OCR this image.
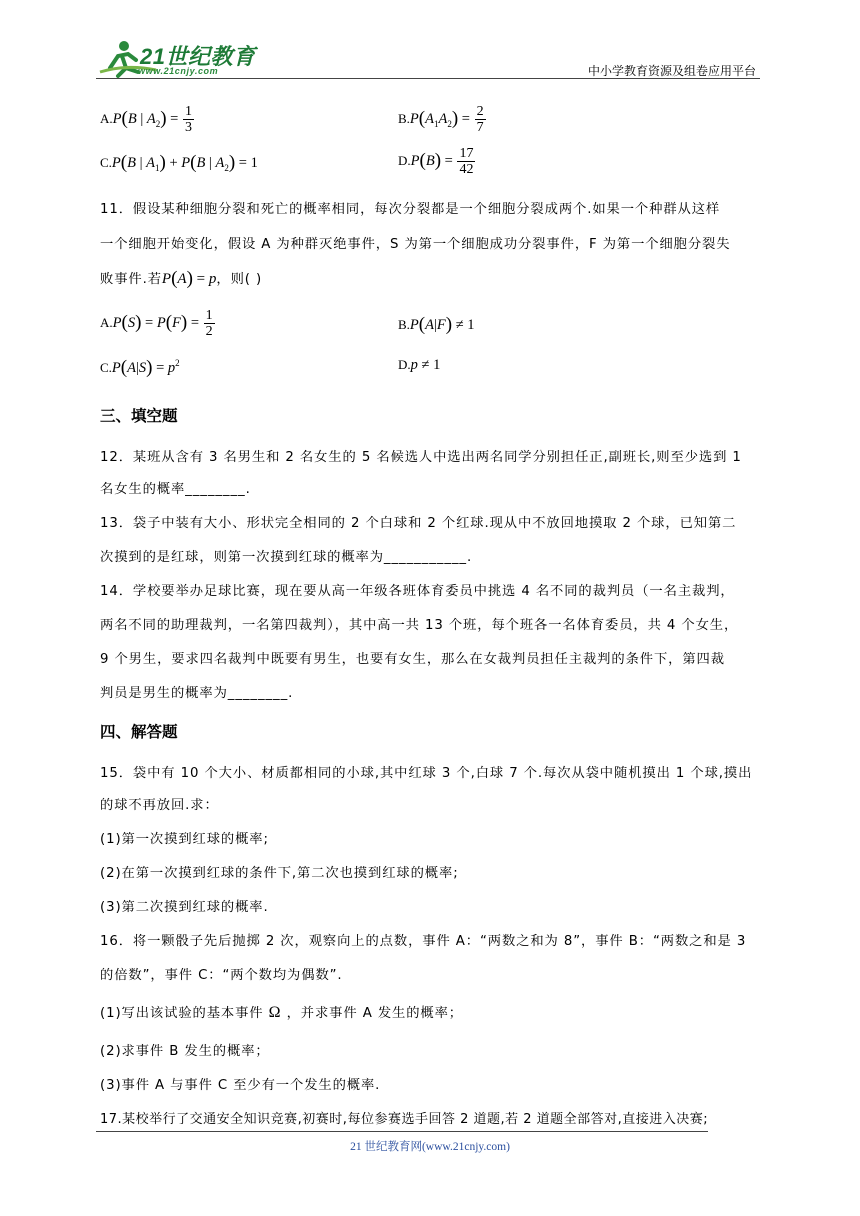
21世纪教育
www.21cnjy.com	中小学教育资源及组卷应用平台
A.P(B | $A_2) = \frac{1}{3}$	$B.P(A_1A_2) = \frac{2}{7}$
C.P(B | $A_1) + P(B$ | $A_2) = 1$	$D.P(B) = \frac{17}{42}$
11．假设某种细胞分裂和死亡的概率相同，每次分裂都是一个细胞分裂成两个.如果一个种群从这样
一个细胞开始变化，假设 A 为种群灭绝事件，S 为第一个细胞成功分裂事件，F 为第一个细胞分裂失
败事件.若P(A) = p，则( )
$A.P(S) = P(F) = \frac{1}{2}$	B.P(A|F) ≠ 1
$C.P(A|S) = p^2$	D.p ≠ 1
三、填空题
12．某班从含有 3 名男生和 2 名女生的 5 名候选人中选出两名同学分别担任正,副班长,则至少选到 1
名女生的概率________.
13．袋子中装有大小、形状完全相同的 2 个白球和 2 个红球.现从中不放回地摸取 2 个球，已知第二
次摸到的是红球，则第一次摸到红球的概率为___________.
14．学校要举办足球比赛，现在要从高一年级各班体育委员中挑选 4 名不同的裁判员（一名主裁判，
两名不同的助理裁判，一名第四裁判），其中高一共 13 个班，每个班各一名体育委员，共 4 个女生，
9 个男生，要求四名裁判中既要有男生，也要有女生，那么在女裁判员担任主裁判的条件下，第四裁
判员是男生的概率为________.
四、解答题
15．袋中有 10 个大小、材质都相同的小球,其中红球 3 个,白球 7 个.每次从袋中随机摸出 1 个球,摸出
的球不再放回.求：
(1)第一次摸到红球的概率;
(2)在第一次摸到红球的条件下,第二次也摸到红球的概率;
(3)第二次摸到红球的概率.
16．将一颗骰子先后抛掷 2 次，观察向上的点数，事件 A：“两数之和为 8”，事件 B：“两数之和是 3
的倍数”，事件 C：“两个数均为偶数”.
(1)写出该试验的基本事件 Ω ，并求事件 A 发生的概率；
(2)求事件 B 发生的概率；
(3)事件 A 与事件 C 至少有一个发生的概率.
17.某校举行了交通安全知识竞赛,初赛时,每位参赛选手回答 2 道题,若 2 道题全部答对,直接进入决赛;
21 世纪教育网(www.21cnjy.com)
